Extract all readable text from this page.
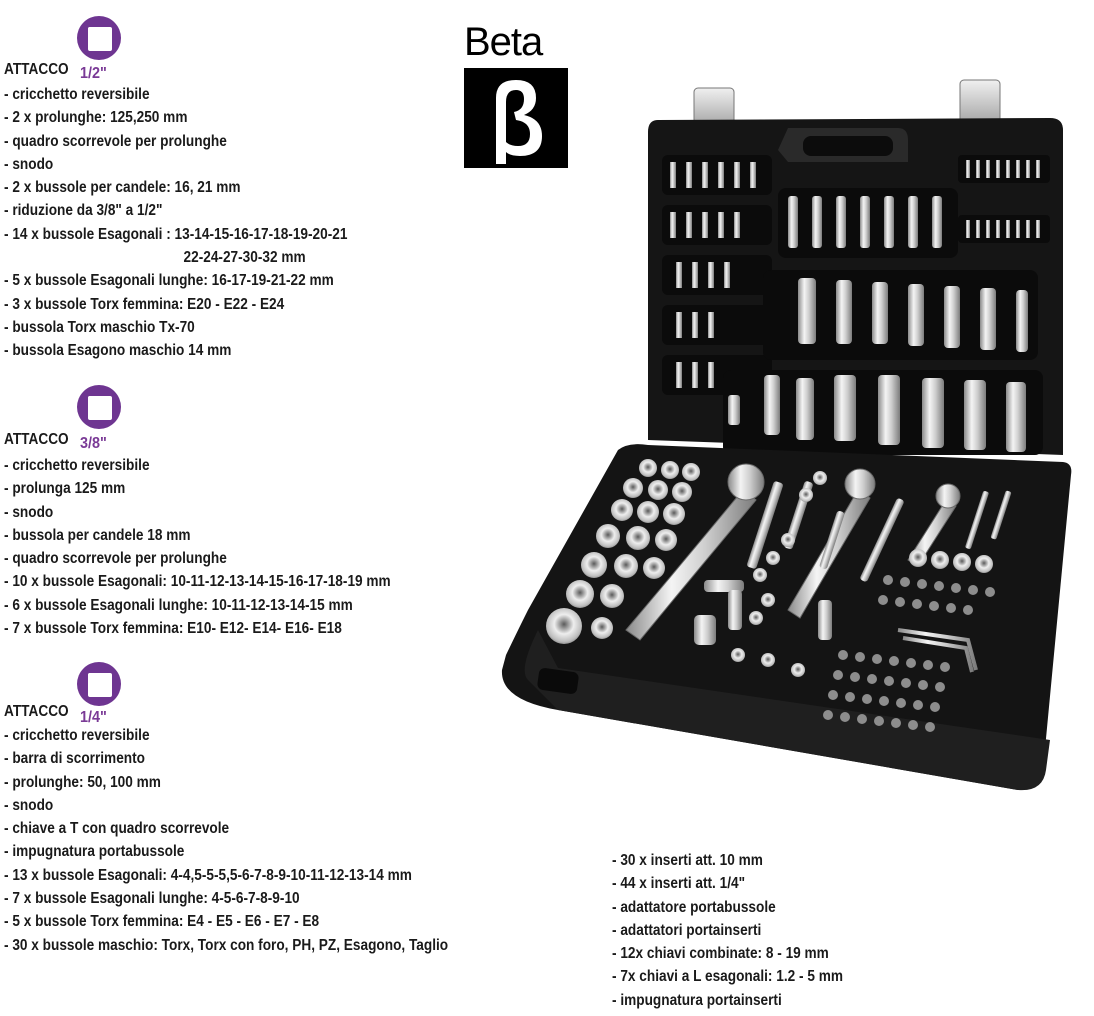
Beta
ATTACCO 1/2"
- cricchetto reversibile
- 2 x prolunghe: 125,250 mm
- quadro scorrevole per prolunghe
- snodo
- 2 x bussole per candele: 16, 21 mm
- riduzione da 3/8" a 1/2"
- 14 x bussole Esagonali : 13-14-15-16-17-18-19-20-21
22-24-27-30-32 mm
- 5 x bussole Esagonali lunghe: 16-17-19-21-22 mm
- 3 x bussole Torx femmina: E20 - E22 - E24
- bussola Torx maschio Tx-70
- bussola Esagono maschio 14 mm
ATTACCO 3/8"
- cricchetto reversibile
- prolunga 125 mm
- snodo
- bussola per candele 18 mm
- quadro scorrevole per prolunghe
- 10 x bussole Esagonali: 10-11-12-13-14-15-16-17-18-19 mm
- 6 x bussole Esagonali lunghe: 10-11-12-13-14-15 mm
- 7 x bussole Torx femmina: E10- E12- E14- E16- E18
ATTACCO 1/4"
- cricchetto reversibile
- barra di scorrimento
- prolunghe: 50, 100 mm
- snodo
- chiave a T con quadro scorrevole
- impugnatura portabussole
- 13 x bussole Esagonali: 4-4,5-5-5,5-6-7-8-9-10-11-12-13-14 mm
- 7 x bussole Esagonali lunghe: 4-5-6-7-8-9-10
- 5 x bussole Torx femmina: E4 - E5 - E6 - E7 - E8
- 30 x bussole maschio: Torx, Torx con foro, PH, PZ, Esagono, Taglio
- 30 x inserti att. 10 mm
- 44 x inserti att. 1/4"
- adattatore portabussole
- adattatori portainserti
- 12x chiavi combinate: 8 - 19 mm
- 7x chiavi a L esagonali: 1.2 - 5 mm
- impugnatura portainserti
